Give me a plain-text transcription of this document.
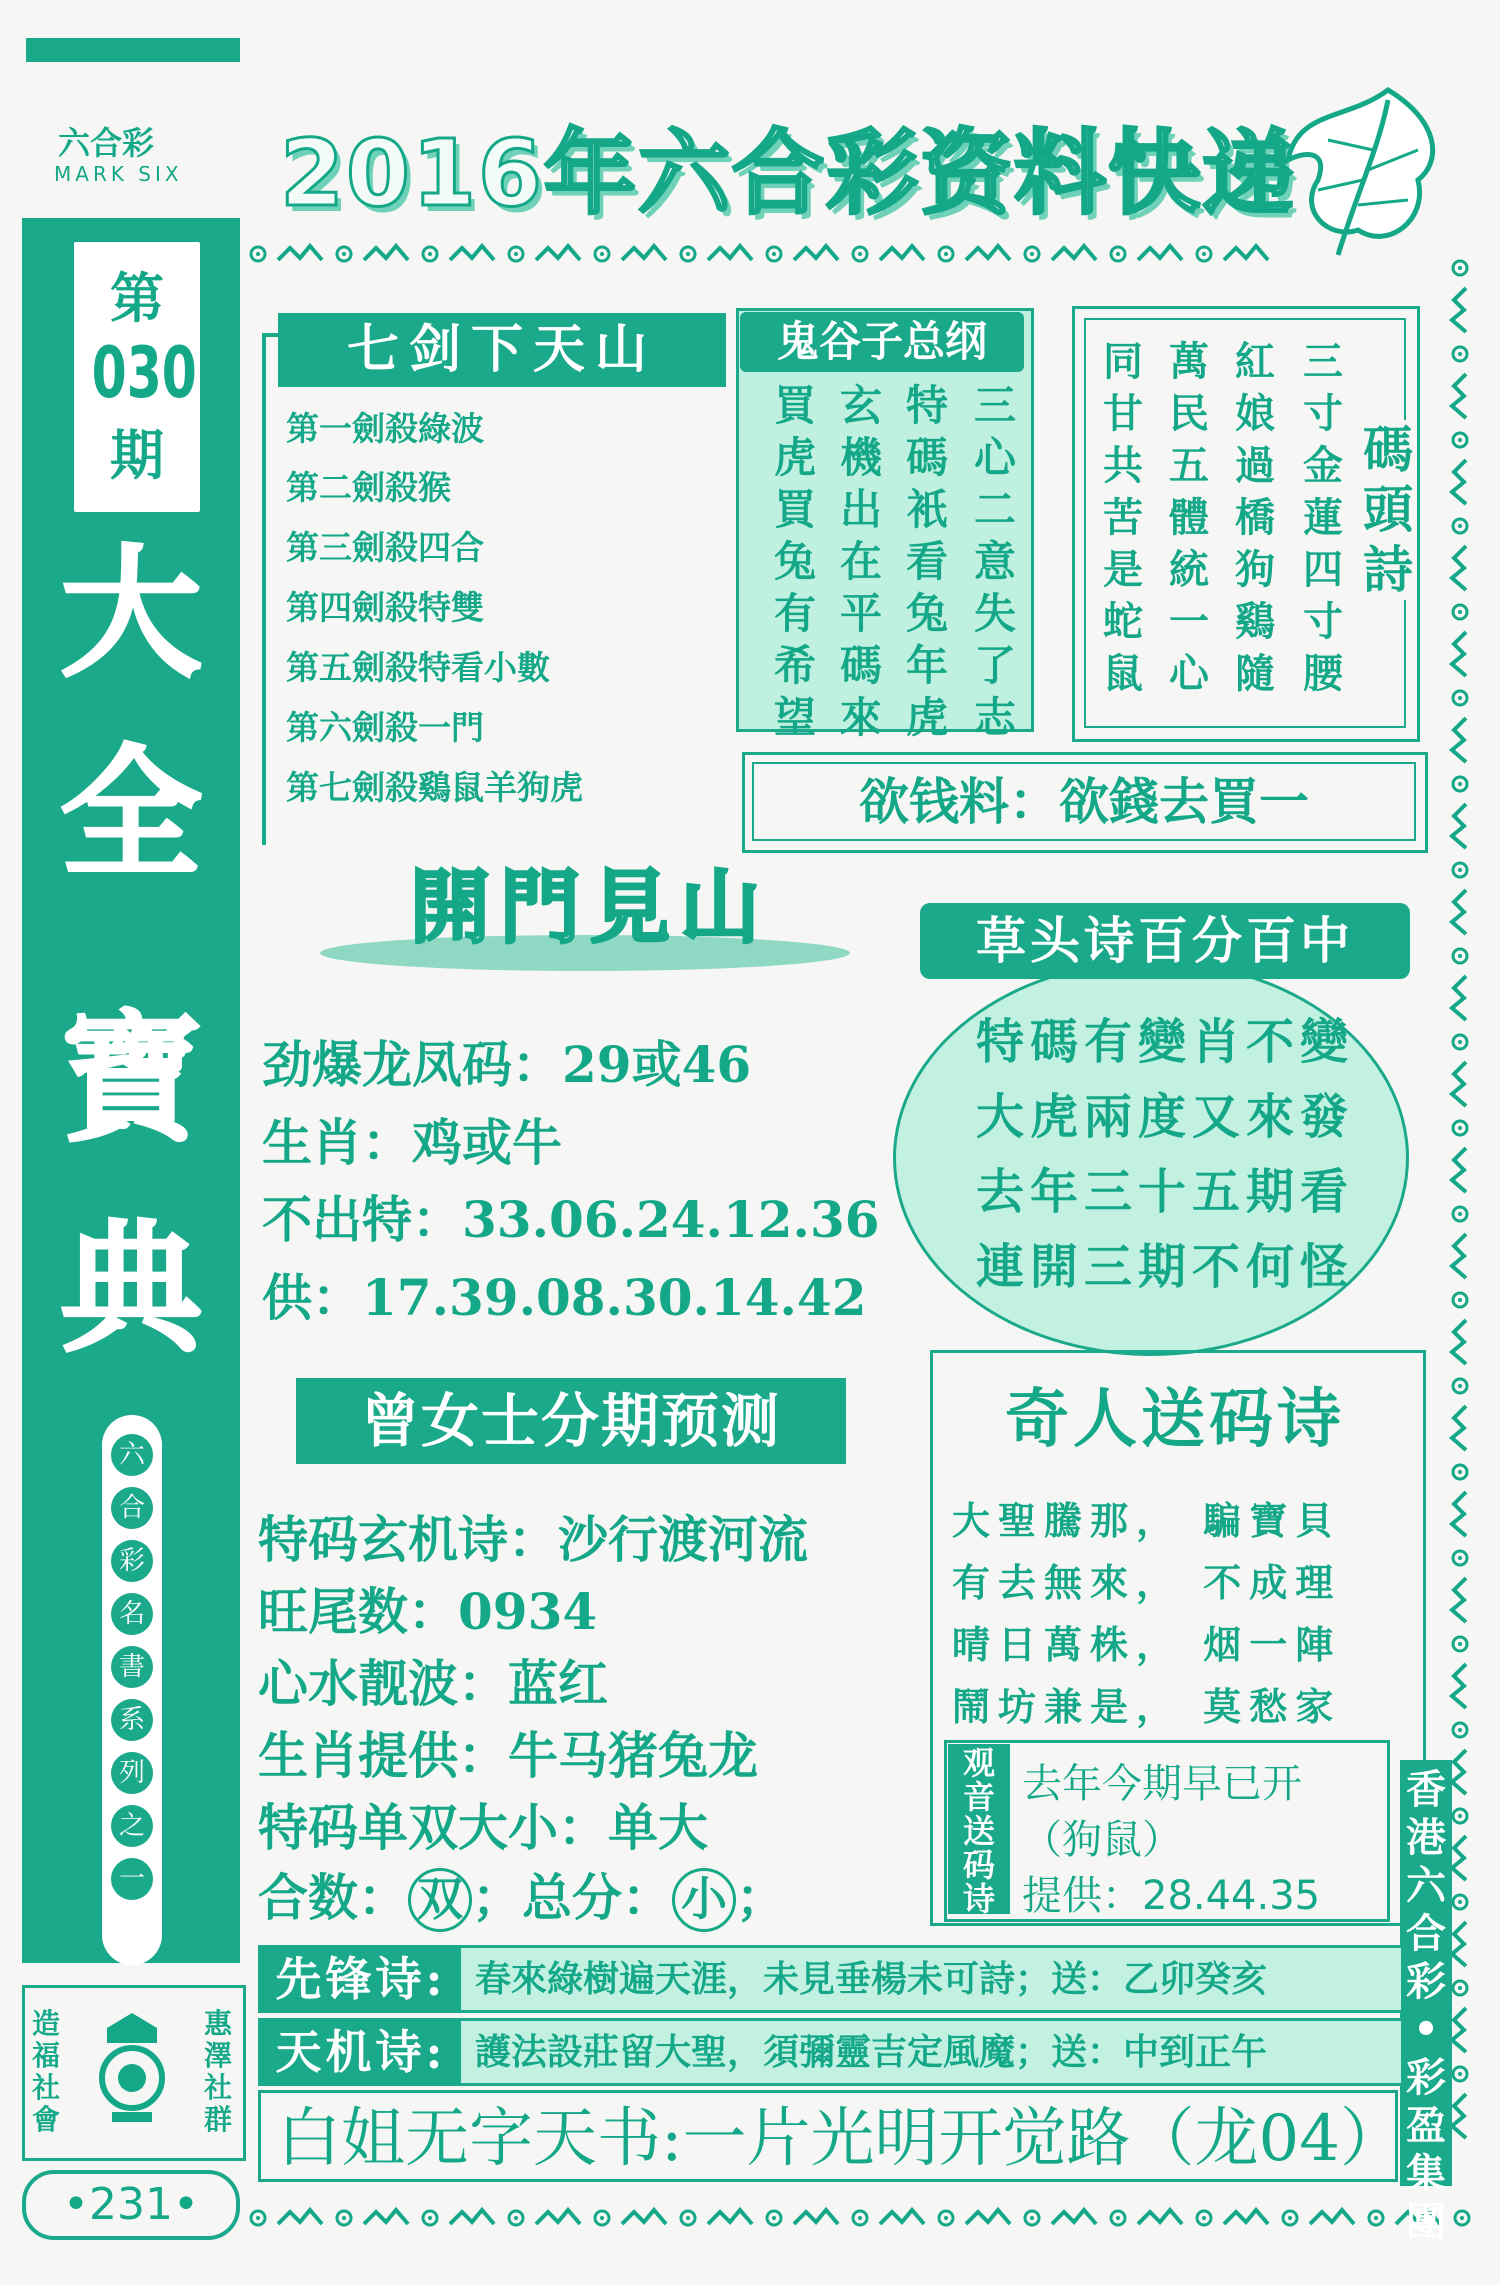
六合彩
MARK SIX 2016年六合彩资料快递
第
030
期
大
全
寶
典
六
合
彩
名
書
系
列
之
一
造
福
社
會
惠
澤
社
群
•231•
七剑下天山
第一劍殺綠波
第二劍殺猴
第三劍殺四合
第四劍殺特雙
第五劍殺特看小數
第六劍殺一門
第七劍殺鷄鼠羊狗虎
鬼谷子总纲
買
虎
買
兔
有
希
望
玄
機
出
在
平
碼
來
特
碼
衹
看
兔
年
虎
三
心
二
意
失
了
志
同
甘
共
苦
是
蛇
鼠
萬
民
五
體
統
一
心
紅
娘
過
橋
狗
鷄
隨
三
寸
金
蓮
四
寸
腰
碼
頭
詩
欲钱料：欲錢去買一
開門見山
劲爆龙凤码：29或46
生肖：鸡或牛
不出特：33.06.24.12.36
供：17.39.08.30.14.42
草头诗百分百中
特碼有變肖不變
大虎兩度又來發
去年三十五期看
連開三期不何怪
曾女士分期预测
特码玄机诗：沙行渡河流
旺尾数：0934
心水靓波：蓝红
生肖提供：牛马猪兔龙
特码单双大小：单大
合数： 双 ；总分： 小 ；
奇人送码诗
大聖騰那， 騙寶貝
有去無來， 不成理
晴日萬株， 烟一陣
鬧坊兼是， 莫愁家
观
音
送
码
诗
去年今期早已开
（狗鼠）
提供：28.44.35
香
港
六
合
彩
•
彩
盈
集
團
先锋诗: 春來綠樹遍天涯，未見垂楊未可詩；送：乙卯癸亥
天机诗: 護法設莊留大聖，須彌靈吉定風魔；送：中到正午
白姐无字天书:一片光明开觉路（龙04）
